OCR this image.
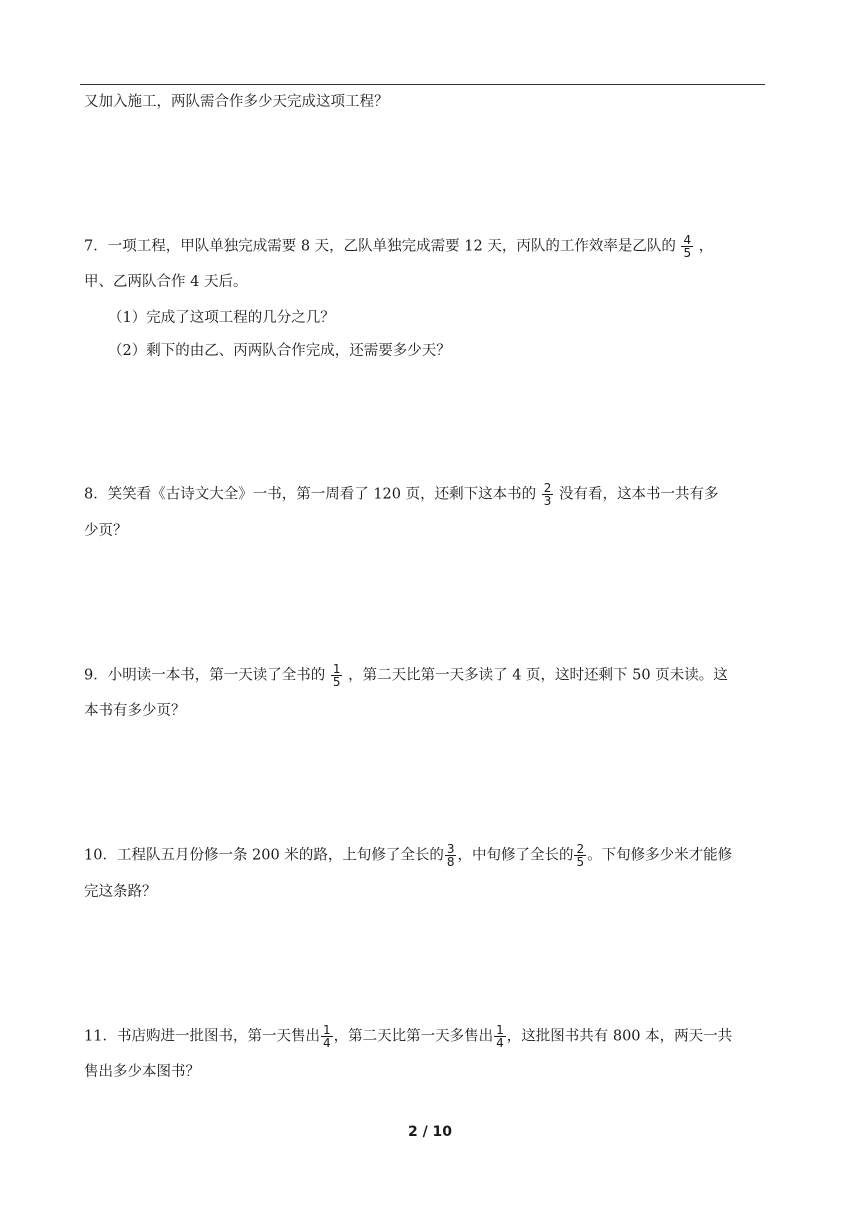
又加入施工，两队需合作多少天完成这项工程？
7．一项工程，甲队单独完成需要 8 天，乙队单独完成需要 12 天，丙队的工作效率是乙队的 $\frac{4}{5}$ ，
甲、乙两队合作 4 天后。
（1）完成了这项工程的几分之几？
（2）剩下的由乙、丙两队合作完成，还需要多少天？
8．笑笑看《古诗文大全》一书，第一周看了 120 页，还剩下这本书的 $\frac{2}{3}$ 没有看，这本书一共有多
少页？
9．小明读一本书，第一天读了全书的 $\frac{1}{5}$ ，第二天比第一天多读了 4 页，这时还剩下 50 页未读。这
本书有多少页？
10．工程队五月份修一条 200 米的路，上旬修了全长的 $\frac{3}{8}$ ，中旬修了全长的 $\frac{2}{5}$ 。下旬修多少米才能修
完这条路？
11．书店购进一批图书，第一天售出 $\frac{1}{4}$ ，第二天比第一天多售出 $\frac{1}{4}$ ，这批图书共有 800 本，两天一共
售出多少本图书？
2 / 10
